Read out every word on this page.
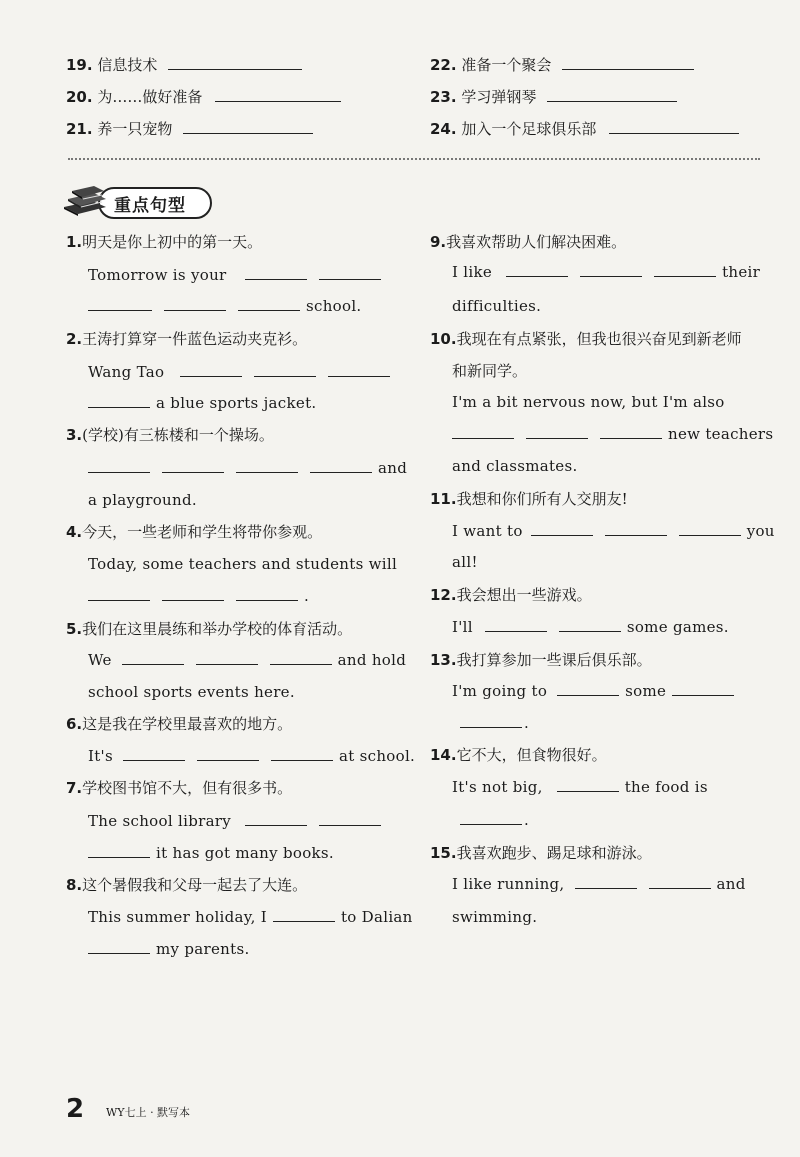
19. 信息技术
20. 为……做好准备
21. 养一只宠物
22. 准备一个聚会
23. 学习弹钢琴
24. 加入一个足球俱乐部
重点句型
1.明天是你上初中的第一天。
Tomorrow is your
school.
2.王涛打算穿一件蓝色运动夹克衫。
Wang Tao
a blue sports jacket.
3.(学校)有三栋楼和一个操场。
and
a playground.
4.今天，一些老师和学生将带你参观。
Today, some teachers and students will
.
5.我们在这里晨练和举办学校的体育活动。
We	and hold
school sports events here.
6.这是我在学校里最喜欢的地方。
It's	at school.
7.学校图书馆不大，但有很多书。
The school library
it has got many books.
8.这个暑假我和父母一起去了大连。
This summer holiday, I	to Dalian
my parents.
9.我喜欢帮助人们解决困难。
I like	their
difficulties.
10.我现在有点紧张，但我也很兴奋见到新老师
和新同学。
I'm a bit nervous now, but I'm also
new teachers
and classmates.
11.我想和你们所有人交朋友!
I want to	you
all!
12.我会想出一些游戏。
I'll	some games.
13.我打算参加一些课后俱乐部。
I'm going to	some
.
14.它不大，但食物很好。
It's not big,	the food is
.
15.我喜欢跑步、踢足球和游泳。
I like running,	and
swimming.
2 WY七上 · 默写本
